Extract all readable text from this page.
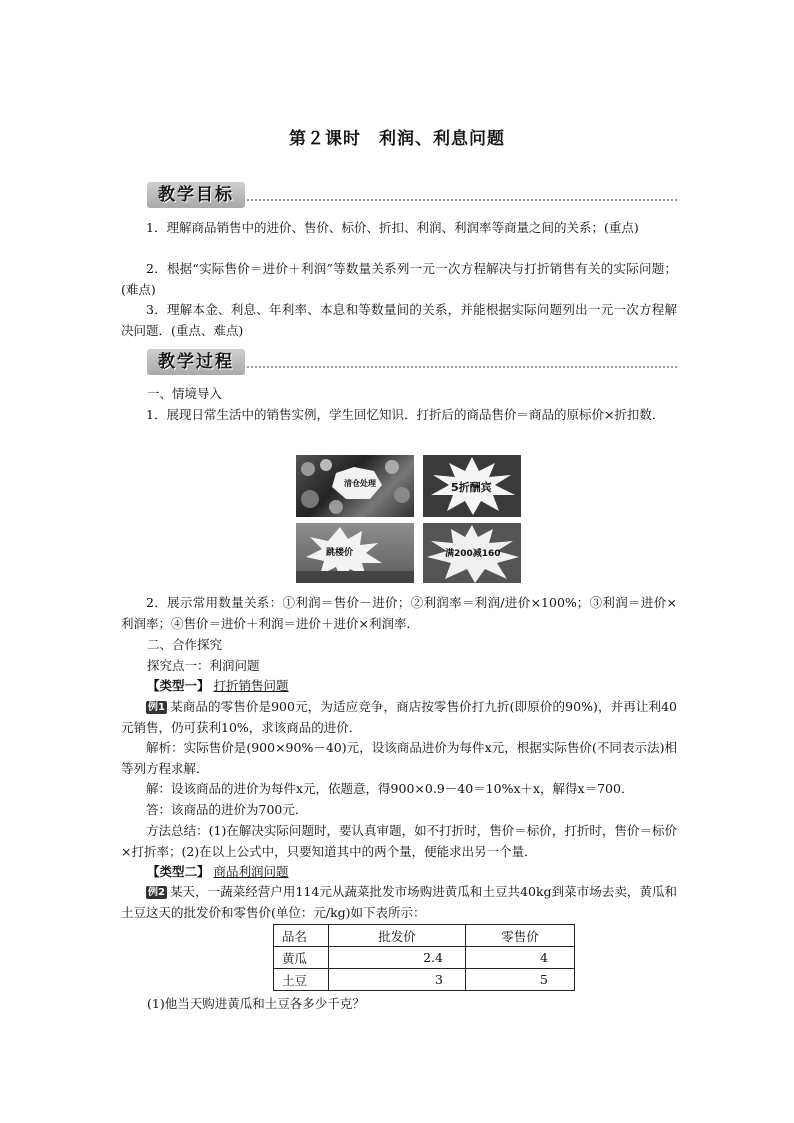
第２课时　利润、利息问题
教学目标
1．理解商品销售中的进价、售价、标价、折扣、利润、利润率等商量之间的关系；(重点)
2．根据“实际售价＝进价＋利润”等数量关系列一元一次方程解决与打折销售有关的实际问题；(难点)
3．理解本金、利息、年利率、本息和等数量间的关系，并能根据实际问题列出一元一次方程解决问题．(重点、难点)
教学过程
一、情境导入
1．展现日常生活中的销售实例，学生回忆知识．打折后的商品售价＝商品的原标价×折扣数．
清仓处理	5折酬宾
跳楼价	满200减160
2．展示常用数量关系：①利润＝售价－进价；②利润率＝利润/进价×100%；③利润＝进价×利润率；④售价＝进价＋利润＝进价＋进价×利润率．
二、合作探究
探究点一：利润问题
【类型一】 打折销售问题
例1 某商品的零售价是900元，为适应竞争，商店按零售价打九折(即原价的90%)，并再让利40元销售，仍可获利10%，求该商品的进价．
解析：实际售价是(900×90%－40)元，设该商品进价为每件x元，根据实际售价(不同表示法)相等列方程求解．
解：设该商品的进价为每件x元，依题意，得900×0.9－40＝10%x＋x，解得x＝700．
答：该商品的进价为700元．
方法总结：(1)在解决实际问题时，要认真审题，如不打折时，售价＝标价，打折时，售价＝标价×打折率；(2)在以上公式中，只要知道其中的两个量，便能求出另一个量．
【类型二】 商品利润问题
例2 某天，一蔬菜经营户用114元从蔬菜批发市场购进黄瓜和土豆共40kg到菜市场去卖，黄瓜和土豆这天的批发价和零售价(单位：元/kg)如下表所示：
品名	批发价	零售价
黄瓜	2.4	4
土豆	3	5
(1)他当天购进黄瓜和土豆各多少千克？
